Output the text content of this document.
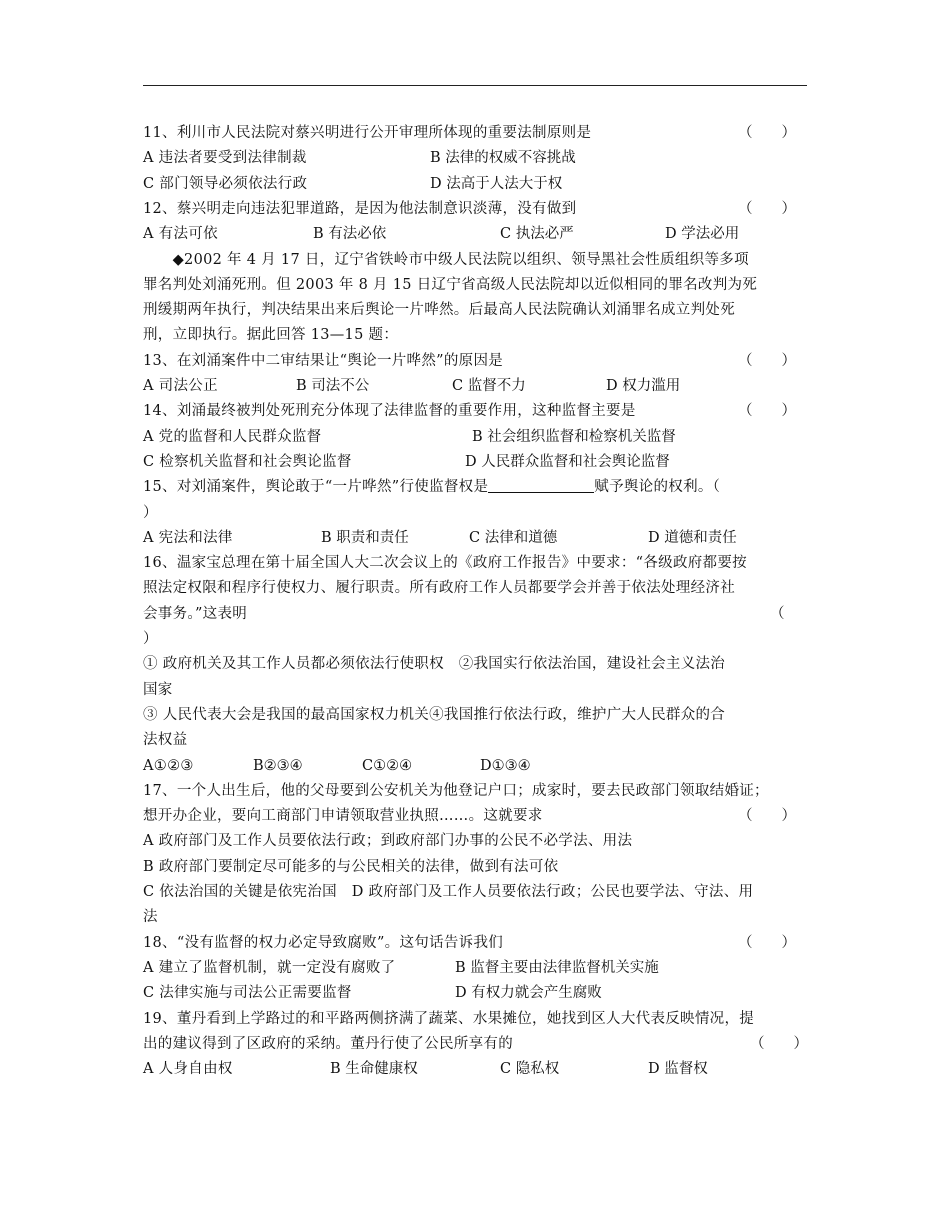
11、利川市人民法院对蔡兴明进行公开审理所体现的重要法制原则是	（　　）
A 违法者要受到法律制裁	B 法律的权威不容挑战
C 部门领导必须依法行政	D 法高于人法大于权
12、蔡兴明走向违法犯罪道路，是因为他法制意识淡薄，没有做到	（　　）
A 有法可依	B 有法必依	C 执法必严	D 学法必用
　　◆2002 年 4 月 17 日，辽宁省铁岭市中级人民法院以组织、领导黑社会性质组织等多项
罪名判处刘涌死刑。但 2003 年 8 月 15 日辽宁省高级人民法院却以近似相同的罪名改判为死
刑缓期两年执行，判决结果出来后舆论一片哗然。后最高人民法院确认刘涌罪名成立判处死
刑，立即执行。据此回答 13—15 题：
13、在刘涌案件中二审结果让“舆论一片哗然”的原因是	（　　）
A 司法公正	B 司法不公	C 监督不力	D 权力滥用
14、刘涌最终被判处死刑充分体现了法律监督的重要作用，这种监督主要是	（　　）
A 党的监督和人民群众监督	B 社会组织监督和检察机关监督
C 检察机关监督和社会舆论监督	D 人民群众监督和社会舆论监督
15、对刘涌案件，舆论敢于“一片哗然”行使监督权是	赋予舆论的权利。（
）
A 宪法和法律	B 职责和责任	C 法律和道德	D 道德和责任
16、温家宝总理在第十届全国人大二次会议上的《政府工作报告》中要求：“各级政府都要按
照法定权限和程序行使权力、履行职责。所有政府工作人员都要学会并善于依法处理经济社
会事务。”这表明	（
）
① 政府机关及其工作人员都必须依法行使职权　②我国实行依法治国，建设社会主义法治
国家
③ 人民代表大会是我国的最高国家权力机关④我国推行依法行政，维护广大人民群众的合
法权益
A①②③	B②③④	C①②④	D①③④
17、一个人出生后，他的父母要到公安机关为他登记户口；成家时，要去民政部门领取结婚证；
想开办企业，要向工商部门申请领取营业执照……。这就要求	（　　）
A 政府部门及工作人员要依法行政；到政府部门办事的公民不必学法、用法
B 政府部门要制定尽可能多的与公民相关的法律，做到有法可依
C 依法治国的关键是依宪治国　D 政府部门及工作人员要依法行政；公民也要学法、守法、用
法
18、“没有监督的权力必定导致腐败”。这句话告诉我们	（　　）
A 建立了监督机制，就一定没有腐败了	B 监督主要由法律监督机关实施
C 法律实施与司法公正需要监督	D 有权力就会产生腐败
19、董丹看到上学路过的和平路两侧挤满了蔬菜、水果摊位，她找到区人大代表反映情况，提
出的建议得到了区政府的采纳。董丹行使了公民所享有的	（　　）
A 人身自由权	B 生命健康权	C 隐私权	D 监督权
